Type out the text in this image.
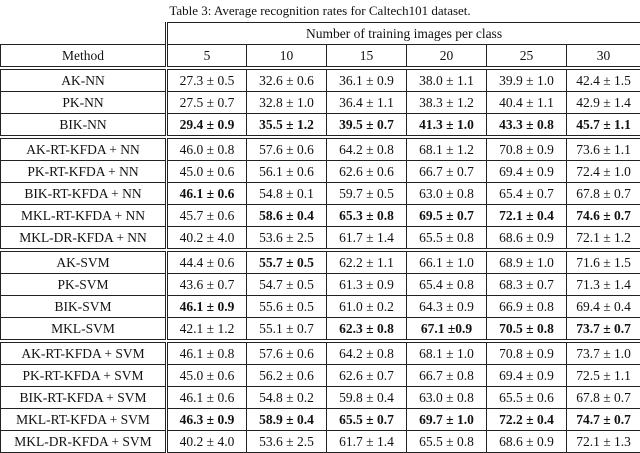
Table 3: Average recognition rates for Caltech101 dataset.
	Number of training images per class					
Method	5	10	15	20	25	30

AK-NN	27.3 ± 0.5	32.6 ± 0.6	36.1 ± 0.9	38.0 ± 1.1	39.9 ± 1.0	42.4 ± 1.5
PK-NN	27.5 ± 0.7	32.8 ± 1.0	36.4 ± 1.1	38.3 ± 1.2	40.4 ± 1.1	42.9 ± 1.4
BIK-NN	29.4 ± 0.9	35.5 ± 1.2	39.5 ± 0.7	41.3 ± 1.0	43.3 ± 0.8	45.7 ± 1.1

AK-RT-KFDA + NN	46.0 ± 0.8	57.6 ± 0.6	64.2 ± 0.8	68.1 ± 1.2	70.8 ± 0.9	73.6 ± 1.1
PK-RT-KFDA + NN	45.0 ± 0.6	56.1 ± 0.6	62.6 ± 0.6	66.7 ± 0.7	69.4 ± 0.9	72.4 ± 1.0
BIK-RT-KFDA + NN	46.1 ± 0.6	54.8 ± 0.1	59.7 ± 0.5	63.0 ± 0.8	65.4 ± 0.7	67.8 ± 0.7
MKL-RT-KFDA + NN	45.7 ± 0.6	58.6 ± 0.4	65.3 ± 0.8	69.5 ± 0.7	72.1 ± 0.4	74.6 ± 0.7
MKL-DR-KFDA + NN	40.2 ± 4.0	53.6 ± 2.5	61.7 ± 1.4	65.5 ± 0.8	68.6 ± 0.9	72.1 ± 1.2

AK-SVM	44.4 ± 0.6	55.7 ± 0.5	62.2 ± 1.1	66.1 ± 1.0	68.9 ± 1.0	71.6 ± 1.5
PK-SVM	43.6 ± 0.7	54.7 ± 0.5	61.3 ± 0.9	65.4 ± 0.8	68.3 ± 0.7	71.3 ± 1.4
BIK-SVM	46.1 ± 0.9	55.6 ± 0.5	61.0 ± 0.2	64.3 ± 0.9	66.9 ± 0.8	69.4 ± 0.4
MKL-SVM	42.1 ± 1.2	55.1 ± 0.7	62.3 ± 0.8	67.1 ±0.9	70.5 ± 0.8	73.7 ± 0.7

AK-RT-KFDA + SVM	46.1 ± 0.8	57.6 ± 0.6	64.2 ± 0.8	68.1 ± 1.0	70.8 ± 0.9	73.7 ± 1.0
PK-RT-KFDA + SVM	45.0 ± 0.6	56.2 ± 0.6	62.6 ± 0.7	66.7 ± 0.8	69.4 ± 0.9	72.5 ± 1.1
BIK-RT-KFDA + SVM	46.1 ± 0.6	54.8 ± 0.2	59.8 ± 0.4	63.0 ± 0.8	65.5 ± 0.6	67.8 ± 0.7
MKL-RT-KFDA + SVM	46.3 ± 0.9	58.9 ± 0.4	65.5 ± 0.7	69.7 ± 1.0	72.2 ± 0.4	74.7 ± 0.7
MKL-DR-KFDA + SVM	40.2 ± 4.0	53.6 ± 2.5	61.7 ± 1.4	65.5 ± 0.8	68.6 ± 0.9	72.1 ± 1.3
